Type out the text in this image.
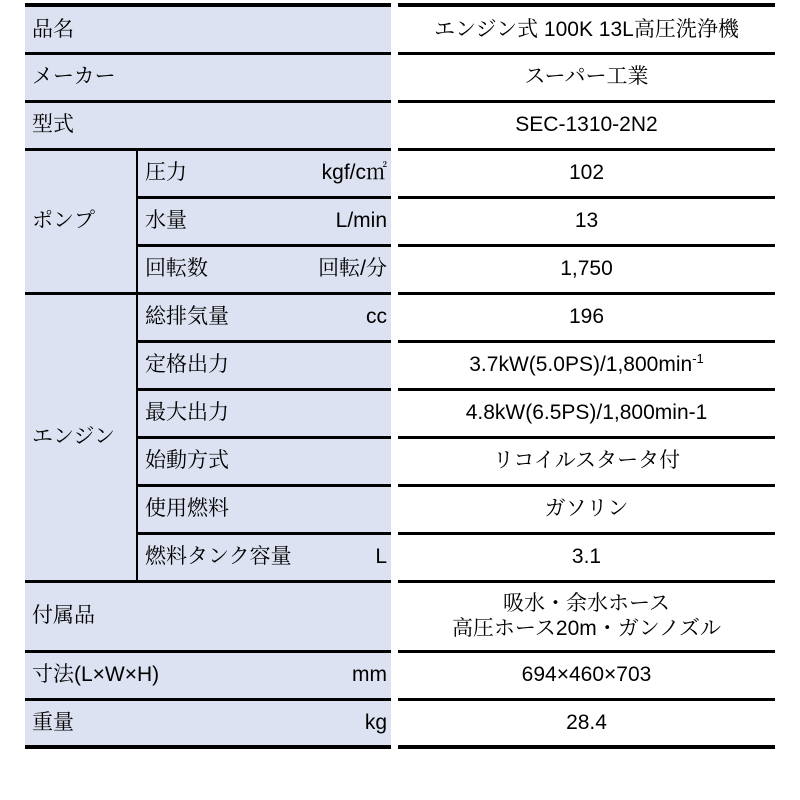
品名			エンジン式 100K 13L高圧洗浄機

メーカー			スーパー工業

型式			SEC-1310-2N2

ポンプ	圧力 kgf/c㎡		102

	水量 L/min		13

	回転数 回転/分		1,750

エンジン	総排気量 cc		196

	定格出力		$3.7kW(5.0PS)/1,800\min^{-1}$

	最大出力		4.8kW(6.5PS)/1,800min-1

	始動方式		リコイルスタータ付

	使用燃料		ガソリン

	燃料タンク容量 L		3.1

付属品			吸水・余水ホース
高圧ホース20m・ガンノズル

寸法(L×W×H) mm			694×460×703

重量 kg			28.4
